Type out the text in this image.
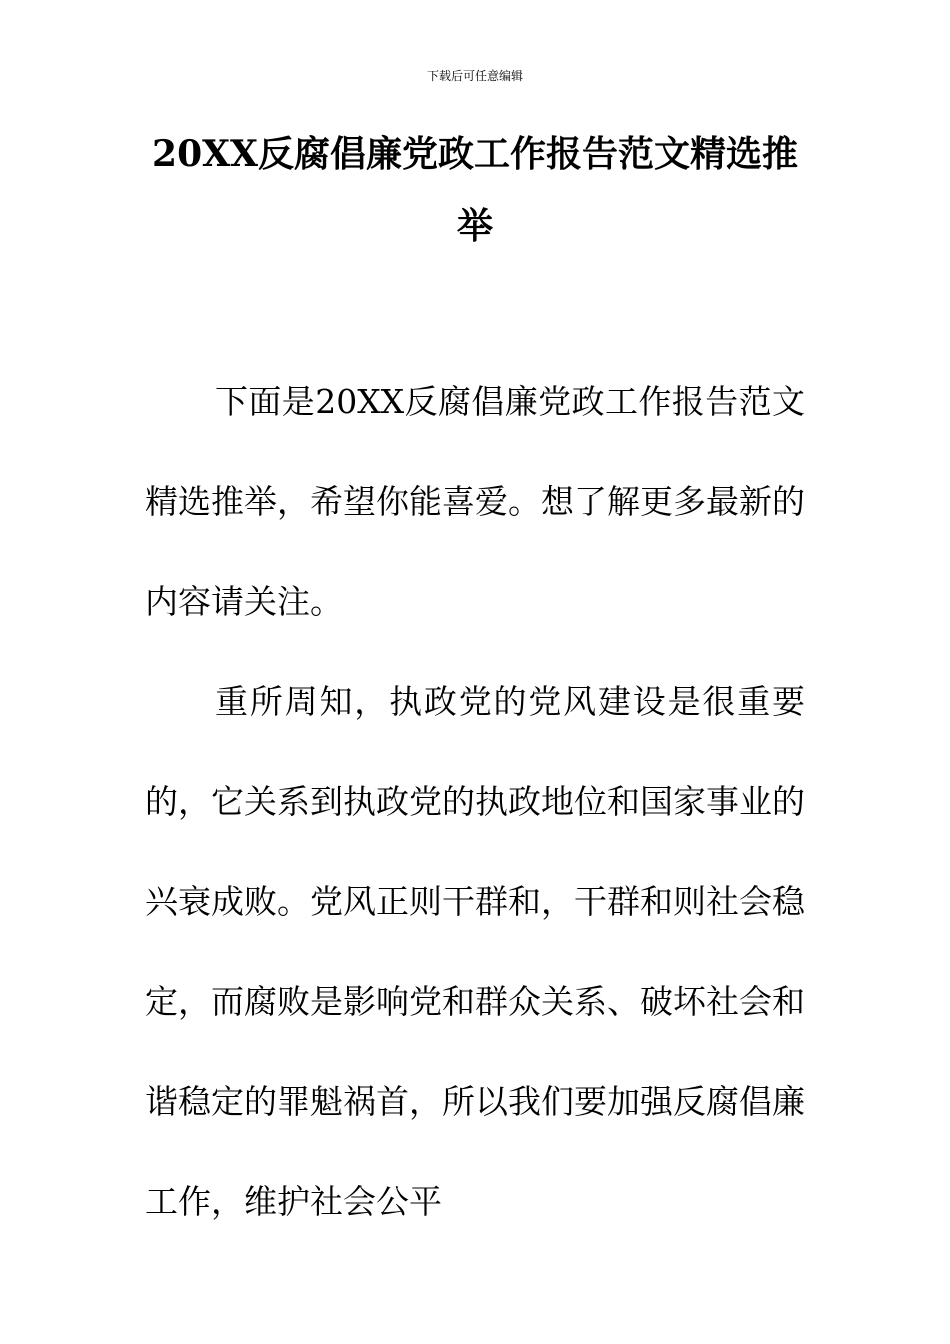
下载后可任意编辑
20XX反腐倡廉党政工作报告范文精选推举

下面是20XX反腐倡廉党政工作报告范文精选推举，希望你能喜爱。想了解更多最新的内容请关注。

重所周知，执政党的党风建设是很重要的，它关系到执政党的执政地位和国家事业的兴衰成败。党风正则干群和，干群和则社会稳定，而腐败是影响党和群众关系、破坏社会和谐稳定的罪魁祸首，所以我们要加强反腐倡廉工作，维护社会公平
